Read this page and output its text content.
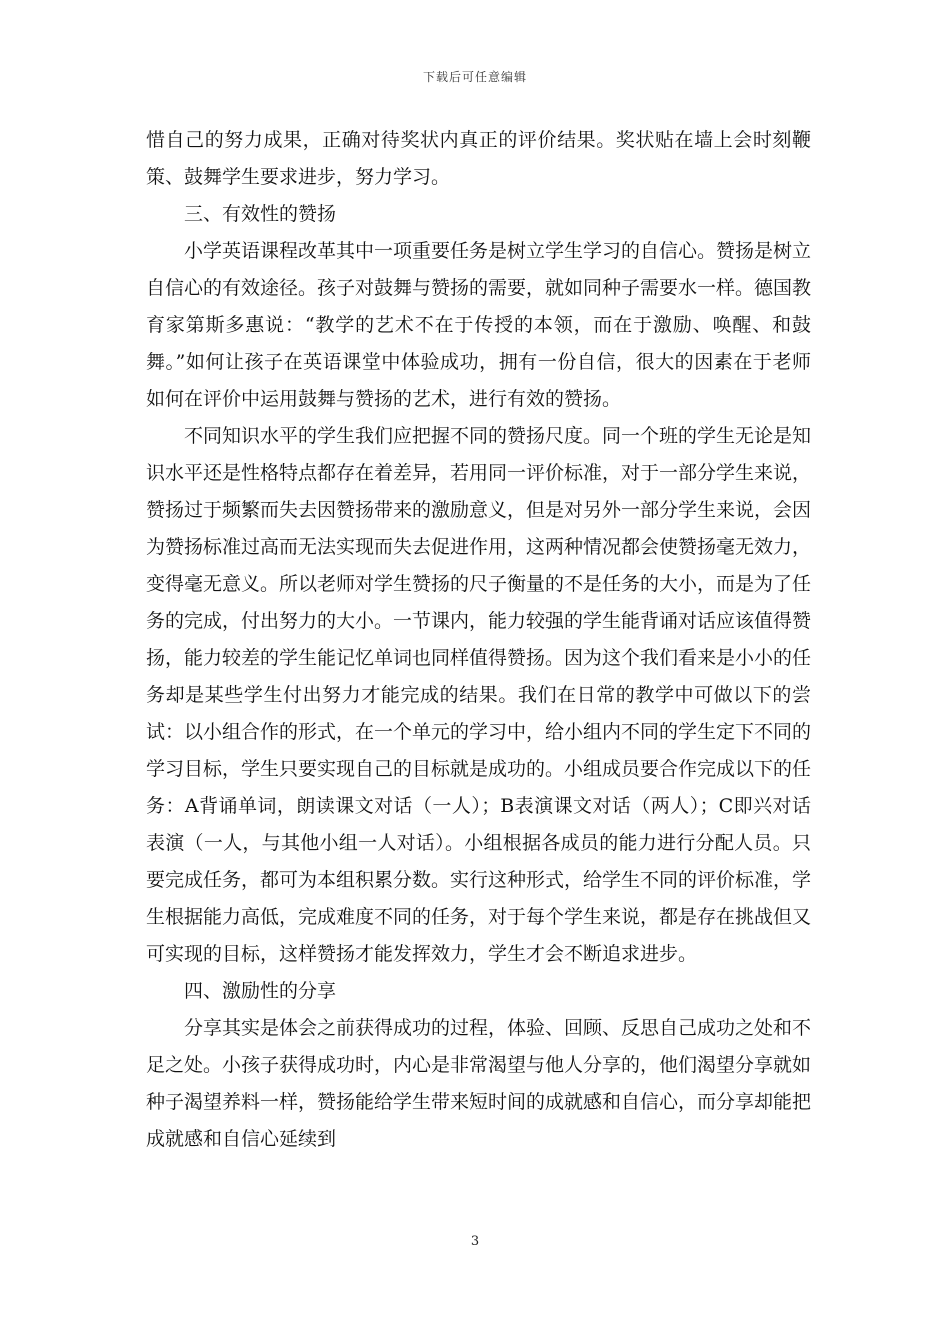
下载后可任意编辑

惜自己的努力成果，正确对待奖状内真正的评价结果。奖状贴在墙上会时刻鞭策、鼓舞学生要求进步，努力学习。

三、有效性的赞扬

小学英语课程改革其中一项重要任务是树立学生学习的自信心。赞扬是树立自信心的有效途径。孩子对鼓舞与赞扬的需要，就如同种子需要水一样。德国教育家第斯多惠说：“教学的艺术不在于传授的本领，而在于激励、唤醒、和鼓舞。”如何让孩子在英语课堂中体验成功，拥有一份自信，很大的因素在于老师如何在评价中运用鼓舞与赞扬的艺术，进行有效的赞扬。

不同知识水平的学生我们应把握不同的赞扬尺度。同一个班的学生无论是知识水平还是性格特点都存在着差异，若用同一评价标准，对于一部分学生来说，赞扬过于频繁而失去因赞扬带来的激励意义，但是对另外一部分学生来说，会因为赞扬标准过高而无法实现而失去促进作用，这两种情况都会使赞扬毫无效力，变得毫无意义。所以老师对学生赞扬的尺子衡量的不是任务的大小，而是为了任务的完成，付出努力的大小。一节课内，能力较强的学生能背诵对话应该值得赞扬，能力较差的学生能记忆单词也同样值得赞扬。因为这个我们看来是小小的任务却是某些学生付出努力才能完成的结果。我们在日常的教学中可做以下的尝试：以小组合作的形式，在一个单元的学习中，给小组内不同的学生定下不同的学习目标，学生只要实现自己的目标就是成功的。小组成员要合作完成以下的任务：A背诵单词，朗读课文对话（一人）；B表演课文对话（两人）；C即兴对话表演（一人，与其他小组一人对话）。小组根据各成员的能力进行分配人员。只要完成任务，都可为本组积累分数。实行这种形式，给学生不同的评价标准，学生根据能力高低，完成难度不同的任务，对于每个学生来说，都是存在挑战但又可实现的目标，这样赞扬才能发挥效力，学生才会不断追求进步。

四、激励性的分享

分享其实是体会之前获得成功的过程，体验、回顾、反思自己成功之处和不足之处。小孩子获得成功时，内心是非常渴望与他人分享的，他们渴望分享就如种子渴望养料一样，赞扬能给学生带来短时间的成就感和自信心，而分享却能把成就感和自信心延续到

3
